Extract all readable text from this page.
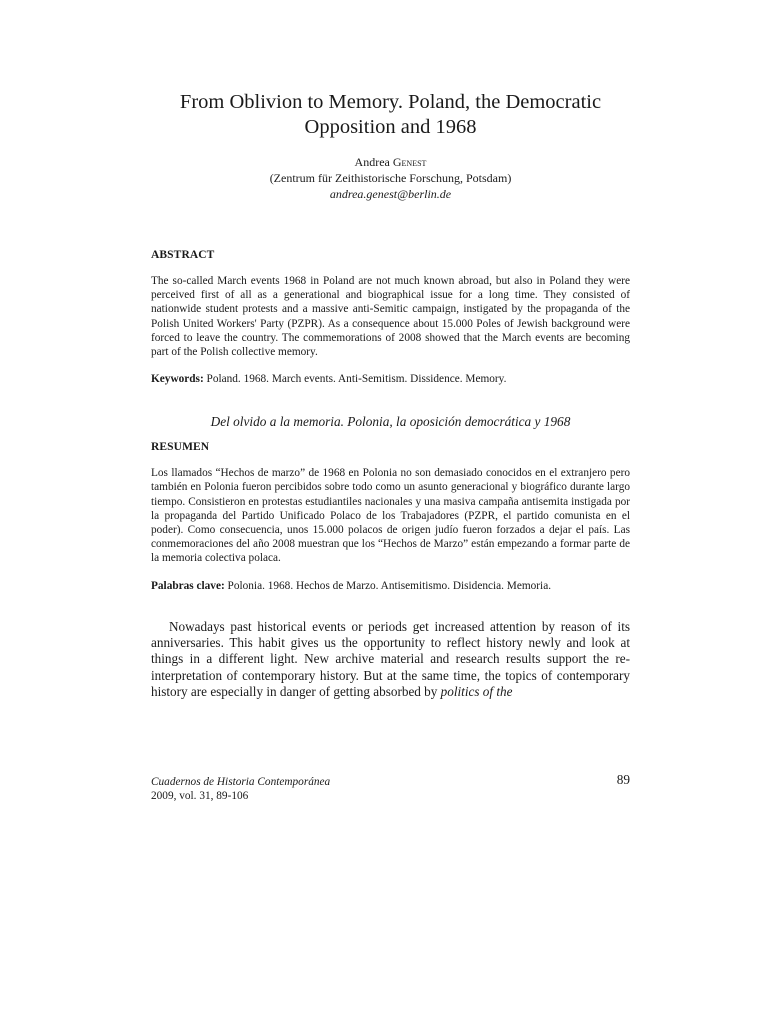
From Oblivion to Memory. Poland, the Democratic
Opposition and 1968
Andrea Genest
(Zentrum für Zeithistorische Forschung, Potsdam)
andrea.genest@berlin.de
ABSTRACT

The so-called March events 1968 in Poland are not much known abroad, but also in Poland they were perceived first of all as a generational and biographical issue for a long time. They consisted of nationwide student protests and a massive anti-Semitic campaign, instigated by the propaganda of the Polish United Workers' Party (PZPR). As a consequence about 15.000 Poles of Jewish background were forced to leave the country. The commemorations of 2008 showed that the March events are becoming part of the Polish collective memory.

Keywords: Poland. 1968. March events. Anti-Semitism. Dissidence. Memory.

Del olvido a la memoria. Polonia, la oposición democrática y 1968
RESUMEN

Los llamados “Hechos de marzo” de 1968 en Polonia no son demasiado conocidos en el extranjero pero también en Polonia fueron percibidos sobre todo como un asunto generacional y biográfico durante largo tiempo. Consistieron en protestas estudiantiles nacionales y una masiva campaña antisemita instigada por la propaganda del Partido Unificado Polaco de los Trabajadores (PZPR, el partido comunista en el poder). Como consecuencia, unos 15.000 polacos de origen judío fueron forzados a dejar el país. Las conmemoraciones del año 2008 muestran que los “Hechos de Marzo” están empezando a formar parte de la memoria colectiva polaca.

Palabras clave: Polonia. 1968. Hechos de Marzo. Antisemitismo. Disidencia. Memoria.

Nowadays past historical events or periods get increased attention by reason of its anniversaries. This habit gives us the opportunity to reflect history newly and look at things in a different light. New archive material and research results support the re-interpretation of contemporary history. But at the same time, the topics of contemporary history are especially in danger of getting absorbed by politics of the

Cuadernos de Historia Contemporánea
2009, vol. 31, 89-106
89
